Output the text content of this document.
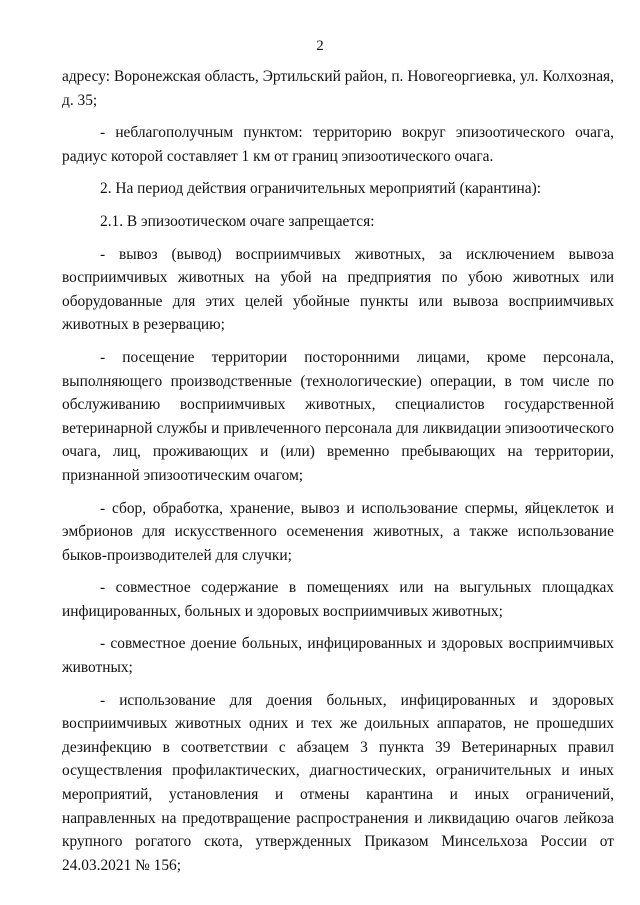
2

адресу: Воронежская область, Эртильский район, п. Новогеоргиевка, ул. Колхозная, д. 35;

- неблагополучным пунктом: территорию вокруг эпизоотического очага, радиус которой составляет 1 км от границ эпизоотического очага.

2. На период действия ограничительных мероприятий (карантина):

2.1. В эпизоотическом очаге запрещается:

- вывоз (вывод) восприимчивых животных, за исключением вывоза восприимчивых животных на убой на предприятия по убою животных или оборудованные для этих целей убойные пункты или вывоза восприимчивых животных в резервацию;

- посещение территории посторонними лицами, кроме персонала, выполняющего производственные (технологические) операции, в том числе по обслуживанию восприимчивых животных, специалистов государственной ветеринарной службы и привлеченного персонала для ликвидации эпизоотического очага, лиц, проживающих и (или) временно пребывающих на территории, признанной эпизоотическим очагом;

- сбор, обработка, хранение, вывоз и использование спермы, яйцеклеток и эмбрионов для искусственного осеменения животных, а также использование быков-производителей для случки;

- совместное содержание в помещениях или на выгульных площадках инфицированных, больных и здоровых восприимчивых животных;

- совместное доение больных, инфицированных и здоровых восприимчивых животных;

- использование для доения больных, инфицированных и здоровых восприимчивых животных одних и тех же доильных аппаратов, не прошедших дезинфекцию в соответствии с абзацем 3 пункта 39 Ветеринарных правил осуществления профилактических, диагностических, ограничительных и иных мероприятий, установления и отмены карантина и иных ограничений, направленных на предотвращение распространения и ликвидацию очагов лейкоза крупного рогатого скота, утвержденных Приказом Минсельхоза России от 24.03.2021 № 156;
